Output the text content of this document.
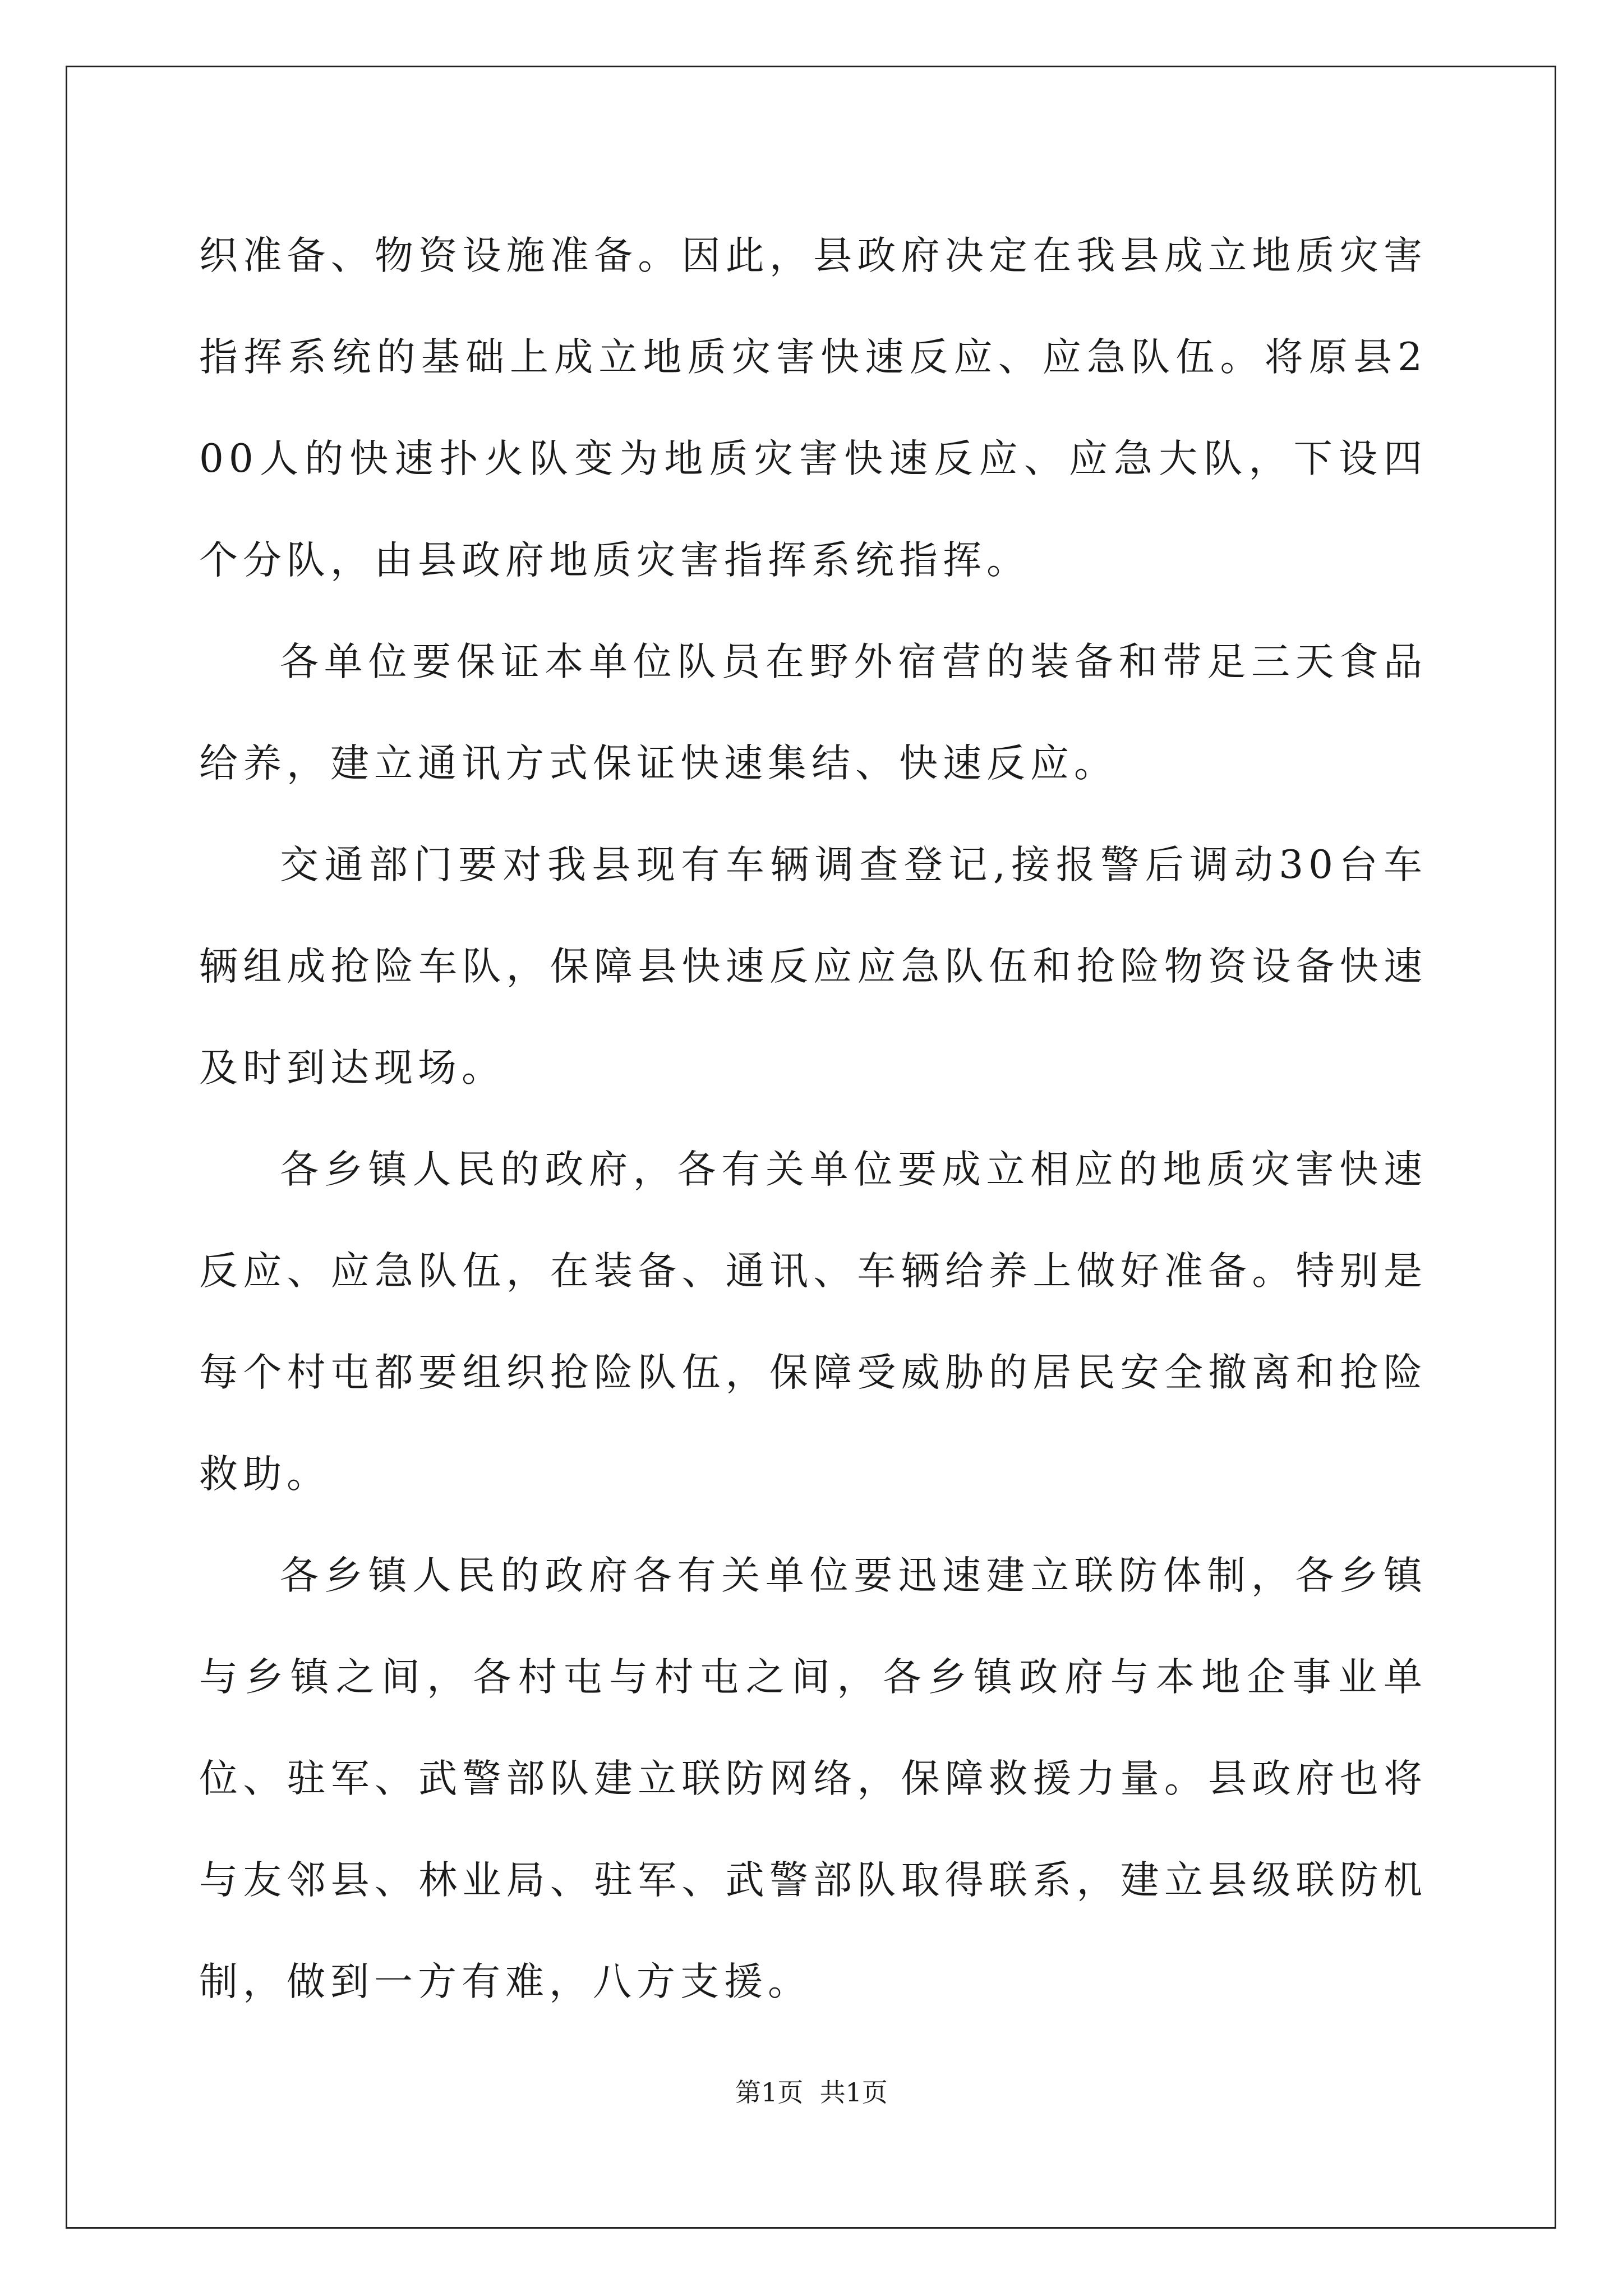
织准备、物资设施准备。因此，县政府决定在我县成立地质灾害指挥系统的基础上成立地质灾害快速反应、应急队伍。将原县200人的快速扑火队变为地质灾害快速反应、应急大队，下设四个分队，由县政府地质灾害指挥系统指挥。

各单位要保证本单位队员在野外宿营的装备和带足三天食品给养，建立通讯方式保证快速集结、快速反应。

交通部门要对我县现有车辆调查登记,接报警后调动30台车辆组成抢险车队，保障县快速反应应急队伍和抢险物资设备快速及时到达现场。

各乡镇人民的政府，各有关单位要成立相应的地质灾害快速反应、应急队伍，在装备、通讯、车辆给养上做好准备。特别是每个村屯都要组织抢险队伍，保障受威胁的居民安全撤离和抢险救助。

各乡镇人民的政府各有关单位要迅速建立联防体制，各乡镇与乡镇之间，各村屯与村屯之间，各乡镇政府与本地企事业单位、驻军、武警部队建立联防网络，保障救援力量。县政府也将与友邻县、林业局、驻军、武警部队取得联系，建立县级联防机制，做到一方有难，八方支援。

第1页  共1页
